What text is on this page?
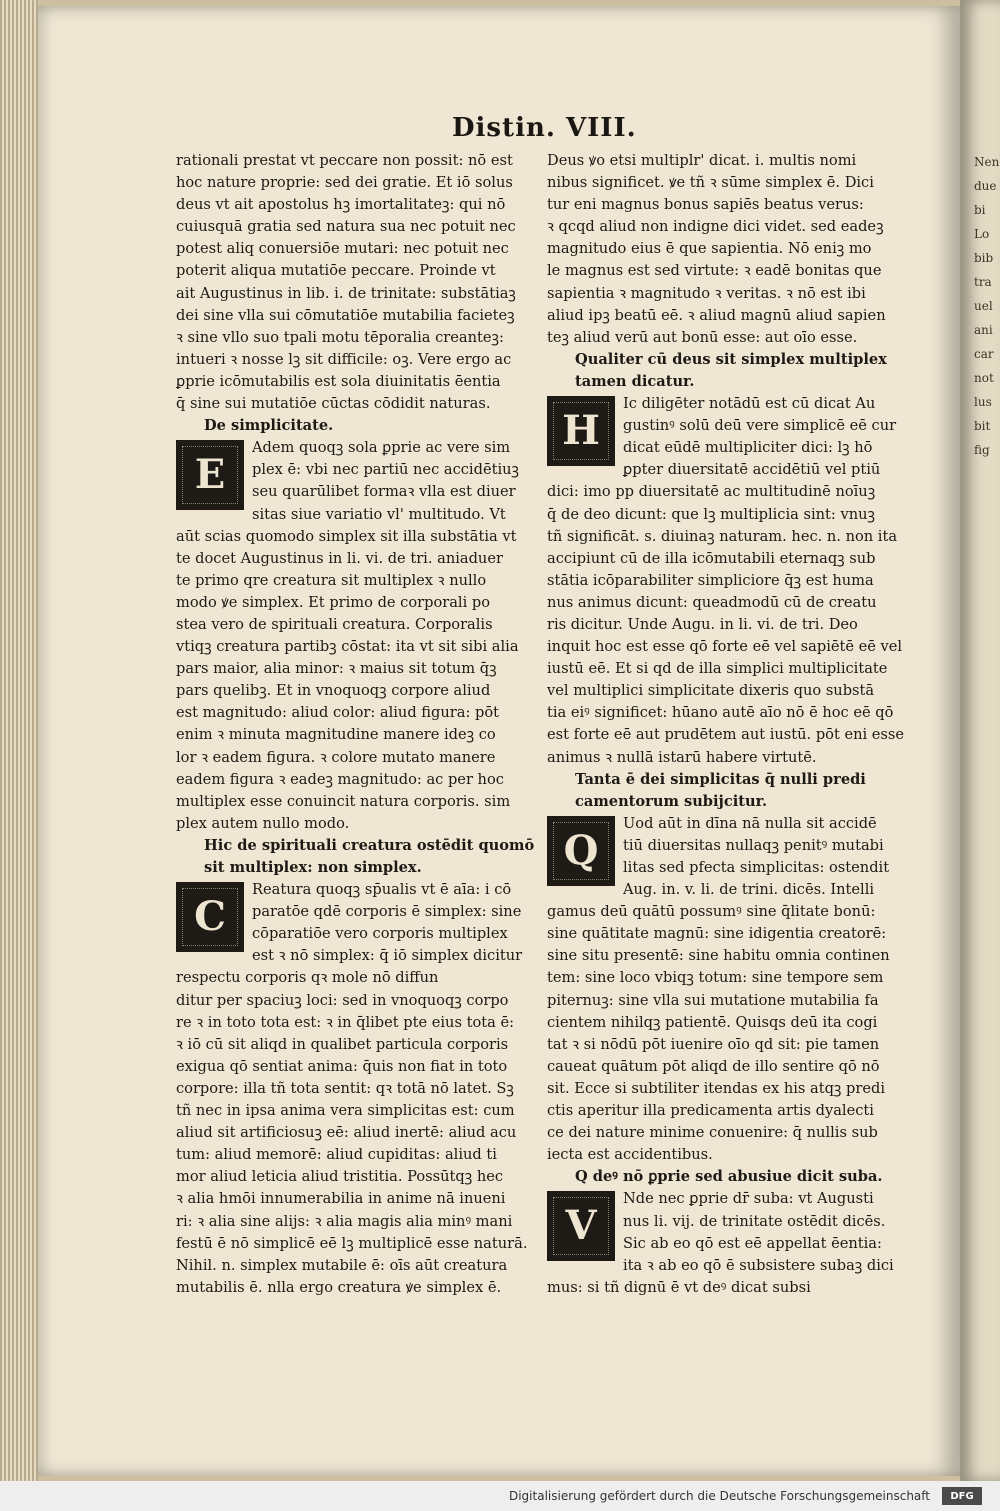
Distin. VIII.
rationali prestat vt peccare non possit: nō est
hoc nature proprie: sed dei gratie. Et iō solus
deus vt ait apostolus hꝫ imortalitateꝫ: qui nō
cuiusquā gratia sed natura sua nec potuit nec
potest aliq conuersiōe mutari: nec potuit nec
poterit aliqua mutatiōe peccare. Proinde vt
ait Augustinus in lib. i. de trinitate: substātiaꝫ
dei sine vlla sui cōmutatiōe mutabilia facieteꝫ
ꝛ sine vllo suo tpali motu tēporalia creanteꝫ:
intueri ꝛ nosse lꝫ sit difficile: oꝫ. Vere ergo ac
ꝑprie icōmutabilis est sola diuinitatis ēentia
q̄ sine sui mutatiōe cūctas cōdidit naturas.
De simplicitate.
E
Adem quoqꝫ sola ꝑprie ac vere sim
plex ē: vbi nec partiū nec accidētiuꝫ
seu quarūlibet formaꝛ vlla est diuer
sitas siue variatio vl' multitudo. Vt
aūt scias quomodo simplex sit illa substātia vt
te docet Augustinus in li. vi. de tri. aniaduer
te primo qre creatura sit multiplex ꝛ nullo
modo ꝟe simplex. Et primo de corporali po
stea vero de spirituali creatura. Corporalis
vtiqꝫ creatura partibꝫ cōstat: ita vt sit sibi alia
pars maior, alia minor: ꝛ maius sit totum q̄ꝫ
pars quelibꝫ. Et in vnoquoqꝫ corpore aliud
est magnitudo: aliud color: aliud figura: pōt
enim ꝛ minuta magnitudine manere ideꝫ co
lor ꝛ eadem figura. ꝛ colore mutato manere
eadem figura ꝛ eadeꝫ magnitudo: ac per hoc
multiplex esse conuincit natura corporis. sim
plex autem nullo modo.
Hic de spirituali creatura ostēdit quomō
sit multiplex: non simplex.
C
Reatura quoqꝫ sp̄ualis vt ē aīa: i cō
paratōe qdē corporis ē simplex: sine
cōparatiōe vero corporis multiplex
est ꝛ nō simplex: q̄ iō simplex dicitur
respectu corporis qꝛ mole nō diffun
ditur per spaciuꝫ loci: sed in vnoquoqꝫ corpo
re ꝛ in toto tota est: ꝛ in q̄libet pte eius tota ē:
ꝛ iō cū sit aliqd in qualibet particula corporis
exigua qō sentiat anima: q̄uis non fiat in toto
corpore: illa tñ tota sentit: qꝛ totā nō latet. Sꝫ
tñ nec in ipsa anima vera simplicitas est: cum
aliud sit artificiosuꝫ eē: aliud inertē: aliud acu
tum: aliud memorē: aliud cupiditas: aliud ti
mor aliud leticia aliud tristitia. Possūtqꝫ hec
ꝛ alia hmōi innumerabilia in anime nā inueni
ri: ꝛ alia sine alijs: ꝛ alia magis alia minꝰ mani
festū ē nō simplicē eē lꝫ multiplicē esse naturā.
Nihil. n. simplex mutabile ē: oīs aūt creatura
mutabilis ē. nlla ergo creatura ꝟe simplex ē.
Deus ꝟo etsi multiplr' dicat. i. multis nomi
nibus significet. ꝟe tñ ꝛ sūme simplex ē. Dici
tur eni magnus bonus sapiēs beatus verus:
ꝛ qcqd aliud non indigne dici videt. sed eadeꝫ
magnitudo eius ē que sapientia. Nō eniꝫ mo
le magnus est sed virtute: ꝛ eadē bonitas que
sapientia ꝛ magnitudo ꝛ veritas. ꝛ nō est ibi
aliud ipꝫ beatū eē. ꝛ aliud magnū aliud sapien
teꝫ aliud verū aut bonū esse: aut oīo esse.
Qualiter cū deus sit simplex multiplex
tamen dicatur.
H
Ic diligēter notādū est cū dicat Au
gustinꝰ solū deū vere simplicē eē cur
dicat eūdē multipliciter dici: lꝫ hō
ꝑpter diuersitatē accidētiū vel ptiū
dici: imo pp diuersitatē ac multitudinē noīuꝫ
q̄ de deo dicunt: que lꝫ multiplicia sint: vnuꝫ
tñ significāt. s. diuinaꝫ naturam. hec. n. non ita
accipiunt cū de illa icōmutabili eternaqꝫ sub
stātia icōparabiliter simpliciore q̄ꝫ est huma
nus animus dicunt: queadmodū cū de creatu
ris dicitur. Unde Augu. in li. vi. de tri. Deo
inquit hoc est esse qō forte eē vel sapiētē eē vel
iustū eē. Et si qd de illa simplici multiplicitate
vel multiplici simplicitate dixeris quo substā
tia eiꝰ significet: hūano autē aīo nō ē hoc eē qō
est forte eē aut prudētem aut iustū. pōt eni esse
animus ꝛ nullā istarū habere virtutē.
Tanta ē dei simplicitas q̄ nulli predi
camentorum subijcitur.
Q
Uod aūt in dīna nā nulla sit accidē
tiū diuersitas nullaqꝫ penitꝰ mutabi
litas sed pfecta simplicitas: ostendit
Aug. in. v. li. de trini. dicēs. Intelli
gamus deū quātū possumꝰ sine q̄litate bonū:
sine quātitate magnū: sine idigentia creatorē:
sine situ presentē: sine habitu omnia continen
tem: sine loco vbiqꝫ totum: sine tempore sem
piternuꝫ: sine vlla sui mutatione mutabilia fa
cientem nihilqꝫ patientē. Quisqs deū ita cogi
tat ꝛ si nōdū pōt iuenire oīo qd sit: pie tamen
caueat quātum pōt aliqd de illo sentire qō nō
sit. Ecce si subtiliter itendas ex his atqꝫ predi
ctis aperitur illa predicamenta artis dyalecti
ce dei nature minime conuenire: q̄ nullis sub
iecta est accidentibus.
Q deꝰ nō ꝑprie sed abusiue dicit suba.
V
Nde nec ꝑprie dr̄ suba: vt Augusti
nus li. vij. de trinitate ostēdit dicēs.
Sic ab eo qō est eē appellat ēentia:
ita ꝛ ab eo qō ē subsistere subaꝫ dici
mus: si tñ dignū ē vt deꝰ dicat subsi
Nen
due
bi
Lo
bib
tra
uel
ani
car
not
lus
bit
fig
Digitalisierung gefördert durch die Deutsche Forschungsgemeinschaft	DFG
